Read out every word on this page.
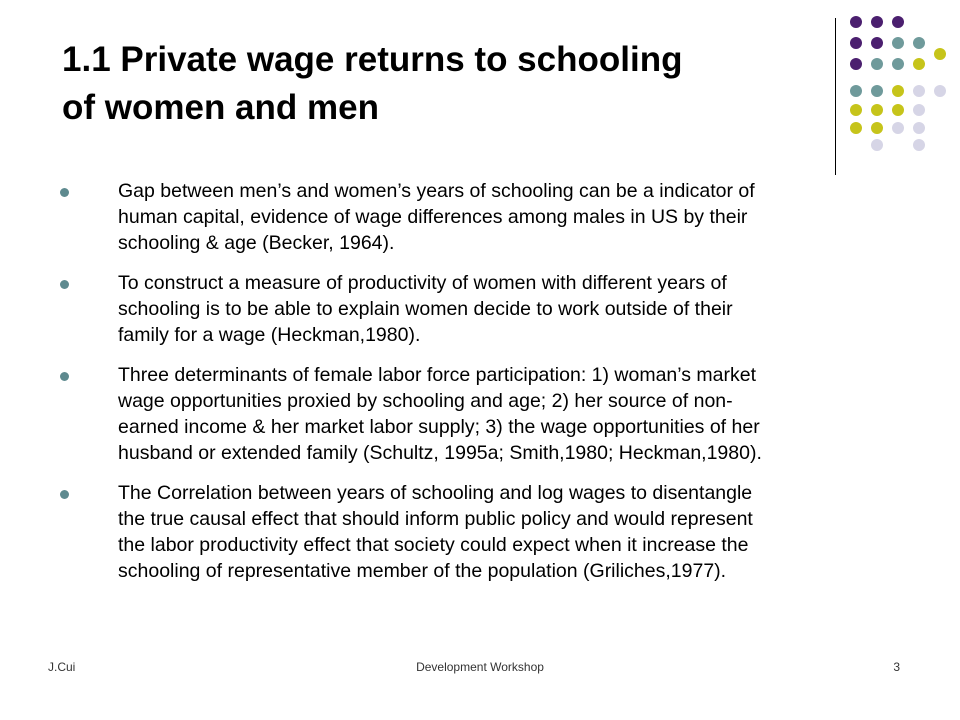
1.1 Private wage returns to schooling
of women and men
Gap between men’s and women’s years of schooling can be a indicator of
human capital, evidence of wage differences among males in US by their
schooling & age (Becker, 1964).
To construct a measure of productivity of women with different years of
schooling is to be able to explain women decide to work outside of their
family for a wage (Heckman,1980).
Three determinants of female labor force participation: 1) woman’s market
wage opportunities proxied by schooling and age; 2) her source of non-
earned income & her market labor supply; 3) the wage opportunities of her
husband or extended family (Schultz, 1995a; Smith,1980; Heckman,1980).
The Correlation between years of schooling and log wages to disentangle
the true causal effect that should inform public policy and would represent
the labor productivity effect that society could expect when it increase the
schooling of representative member of the population (Griliches,1977).
J.Cui	Development Workshop	3
